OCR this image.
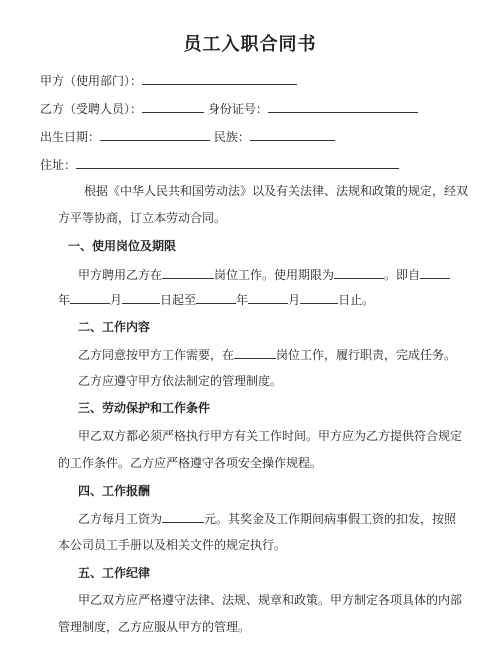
员工入职合同书
甲方（使用部门）：
乙方（受聘人员）：	身份证号：
出生日期：	民族：
住址：
根据《中华人民共和国劳动法》以及有关法律、法规和政策的规定，经双
方平等协商，订立本劳动合同。
一、使用岗位及期限
甲方聘用乙方在	岗位工作。使用期限为	。即自
年	月	日起至	年	月	日止。
二、工作内容
乙方同意按甲方工作需要，在	岗位工作，履行职责，完成任务。
乙方应遵守甲方依法制定的管理制度。
三、劳动保护和工作条件
甲乙双方都必须严格执行甲方有关工作时间。甲方应为乙方提供符合规定
的工作条件。乙方应严格遵守各项安全操作规程。
四、工作报酬
乙方每月工资为	元。其奖金及工作期间病事假工资的扣发，按照
本公司员工手册以及相关文件的规定执行。
五、工作纪律
甲乙双方应严格遵守法律、法规、规章和政策。甲方制定各项具体的内部
管理制度，乙方应服从甲方的管理。
